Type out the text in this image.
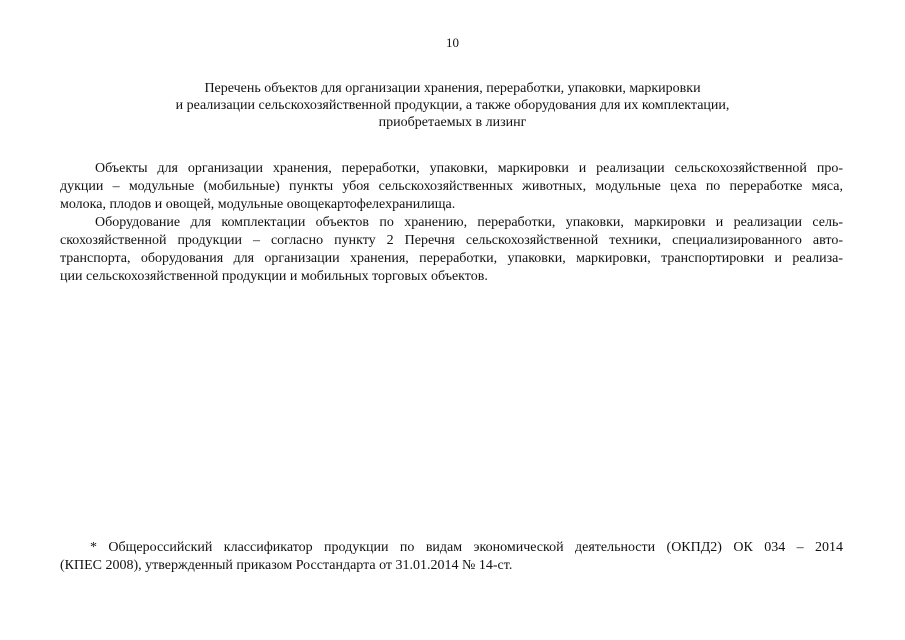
10
Перечень объектов для организации хранения, переработки, упаковки, маркировки
и реализации сельскохозяйственной продукции, а также оборудования для их комплектации,
приобретаемых в лизинг
Объекты для организации хранения, переработки, упаковки, маркировки и реализации сельскохозяйственной про-
дукции – модульные (мобильные) пункты убоя сельскохозяйственных животных, модульные цеха по переработке мяса,
молока, плодов и овощей, модульные овощекартофелехранилища.
Оборудование для комплектации объектов по хранению, переработки, упаковки, маркировки и реализации сель-
скохозяйственной продукции – согласно пункту 2 Перечня сельскохозяйственной техники, специализированного авто-
транспорта, оборудования для организации хранения, переработки, упаковки, маркировки, транспортировки и реализа-
ции сельскохозяйственной продукции и мобильных торговых объектов.
* Общероссийский классификатор продукции по видам экономической деятельности (ОКПД2) ОК 034 – 2014
(КПЕС 2008), утвержденный приказом Росстандарта от 31.01.2014 № 14-ст.
